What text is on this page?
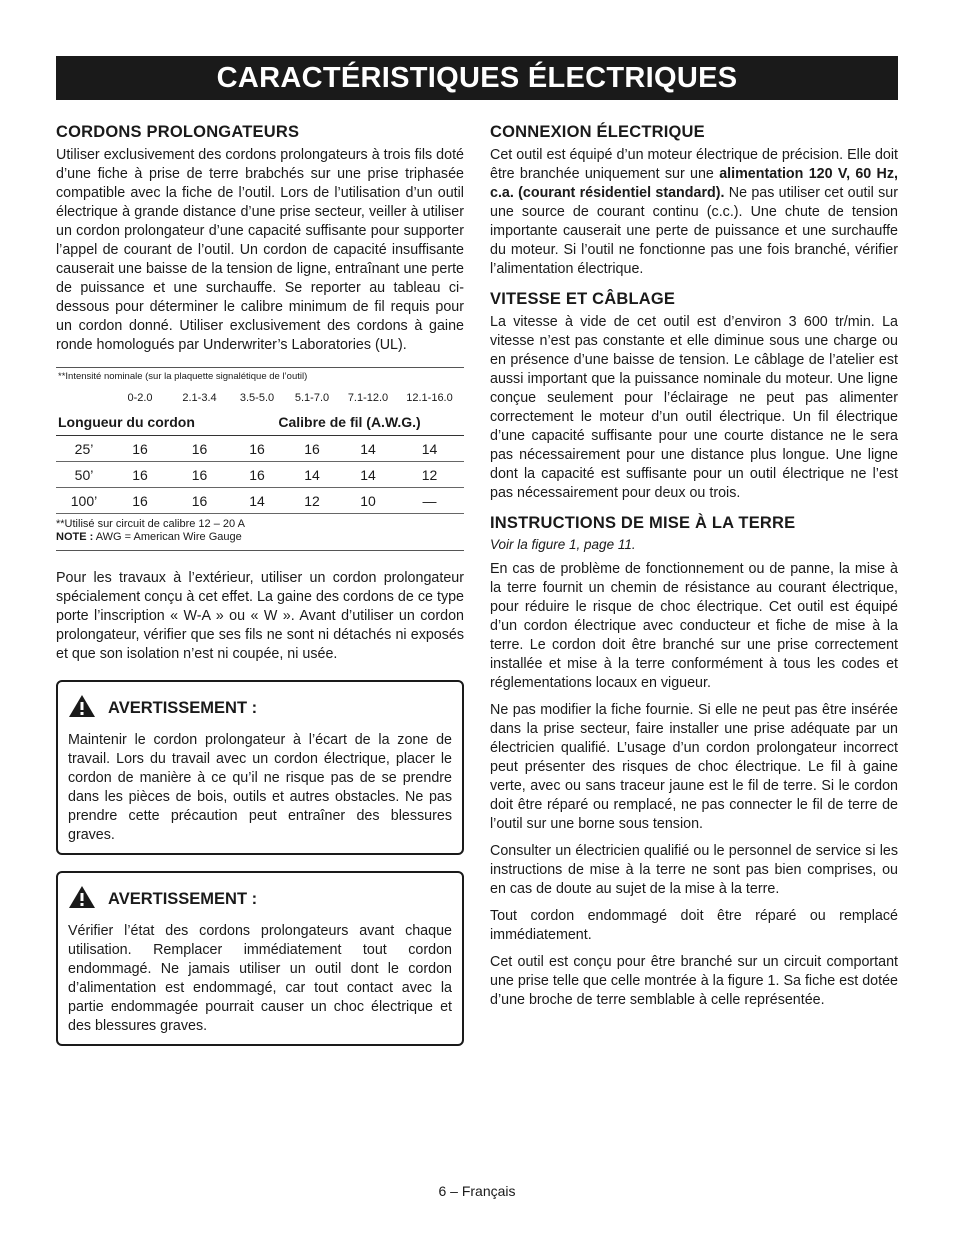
CARACTÉRISTIQUES ÉLECTRIQUES
CORDONS PROLONGATEURS

Utiliser exclusivement des cordons prolongateurs à trois fils doté d’une fiche à prise de terre brabchés sur une prise triphasée compatible avec la fiche de l’outil. Lors de l’utilisation d’un outil électrique à grande distance d’une prise secteur, veiller à utiliser un cordon prolongateur d’une capacité suffisante pour supporter l’appel de courant de l’outil. Un cordon de capacité insuffisante causerait une baisse de la tension de ligne, entraînant une perte de puissance et une surchauffe. Se reporter au tableau ci-dessous pour déterminer le calibre minimum de fil requis pour un cordon donné. Utiliser exclusivement des cordons à gaine ronde homologués par Underwriter’s Laboratories (UL).

**Intensité nominale (sur la plaquette signalétique de l’outil)
0-2.0	2.1-3.4	3.5-5.0	5.1-7.0	7.1-12.0	12.1-16.0
Longueur du cordon	Calibre de fil (A.W.G.)
25’	16	16	16	16	14	14
50’	16	16	16	14	14	12
100’	16	16	14	12	10	—
**Utilisé sur circuit de calibre 12 – 20 A
NOTE : AWG = American Wire Gauge

Pour les travaux à l’extérieur, utiliser un cordon prolongateur spécialement conçu à cet effet. La gaine des cordons de ce type porte l’inscription « W-A » ou « W ». Avant d’utiliser un cordon prolongateur, vérifier que ses fils ne sont ni détachés ni exposés et que son isolation n’est ni coupée, ni usée.

AVERTISSEMENT :

Maintenir le cordon prolongateur à l’écart de la zone de travail. Lors du travail avec un cordon électrique, placer le cordon de manière à ce qu’il ne risque pas de se prendre dans les pièces de bois, outils et autres obstacles. Ne pas prendre cette précaution peut entraîner des blessures graves.

AVERTISSEMENT :

Vérifier l’état des cordons prolongateurs avant chaque utilisation. Remplacer immédiatement tout cordon endommagé. Ne jamais utiliser un outil dont le cordon d’alimentation est endommagé, car tout contact avec la partie endommagée pourrait causer un choc électrique et des blessures graves.

CONNEXION ÉLECTRIQUE

Cet outil est équipé d’un moteur électrique de précision. Elle doit être branchée uniquement sur une alimentation 120 V, 60 Hz, c.a. (courant résidentiel standard). Ne pas utiliser cet outil sur une source de courant continu (c.c.). Une chute de tension importante causerait une perte de puissance et une surchauffe du moteur. Si l’outil ne fonctionne pas une fois branché, vérifier l’alimentation électrique.

VITESSE ET CÂBLAGE

La vitesse à vide de cet outil est d’environ 3 600 tr/min. La vitesse n’est pas constante et elle diminue sous une charge ou en présence d’une baisse de tension. Le câblage de l’atelier est aussi important que la puissance nominale du moteur. Une ligne conçue seulement pour l’éclairage ne peut pas alimenter correctement le moteur d’un outil électrique. Un fil électrique d’une capacité suffisante pour une courte distance ne le sera pas nécessairement pour une distance plus longue. Une ligne dont la capacité est suffisante pour un outil électrique ne l’est pas nécessairement pour deux ou trois.

INSTRUCTIONS DE MISE À LA TERRE

Voir la figure 1, page 11.

En cas de problème de fonctionnement ou de panne, la mise à la terre fournit un chemin de résistance au courant électrique, pour réduire le risque de choc électrique. Cet outil est équipé d’un cordon électrique avec conducteur et fiche de mise à la terre. Le cordon doit être branché sur une prise correctement installée et mise à la terre conformément à tous les codes et réglementations locaux en vigueur.

Ne pas modifier la fiche fournie. Si elle ne peut pas être insérée dans la prise secteur, faire installer une prise adéquate par un électricien qualifié. L’usage d’un cordon prolongateur incorrect peut présenter des risques de choc électrique. Le fil à gaine verte, avec ou sans traceur jaune est le fil de terre. Si le cordon doit être réparé ou remplacé, ne pas connecter le fil de terre de l’outil sur une borne sous tension.

Consulter un électricien qualifié ou le personnel de service si les instructions de mise à la terre ne sont pas bien comprises, ou en cas de doute au sujet de la mise à la terre.

Tout cordon endommagé doit être réparé ou remplacé immédiatement.

Cet outil est conçu pour être branché sur un circuit comportant une prise telle que celle montrée à la figure 1. Sa fiche est dotée d’une broche de terre semblable à celle représentée.

6 – Français
